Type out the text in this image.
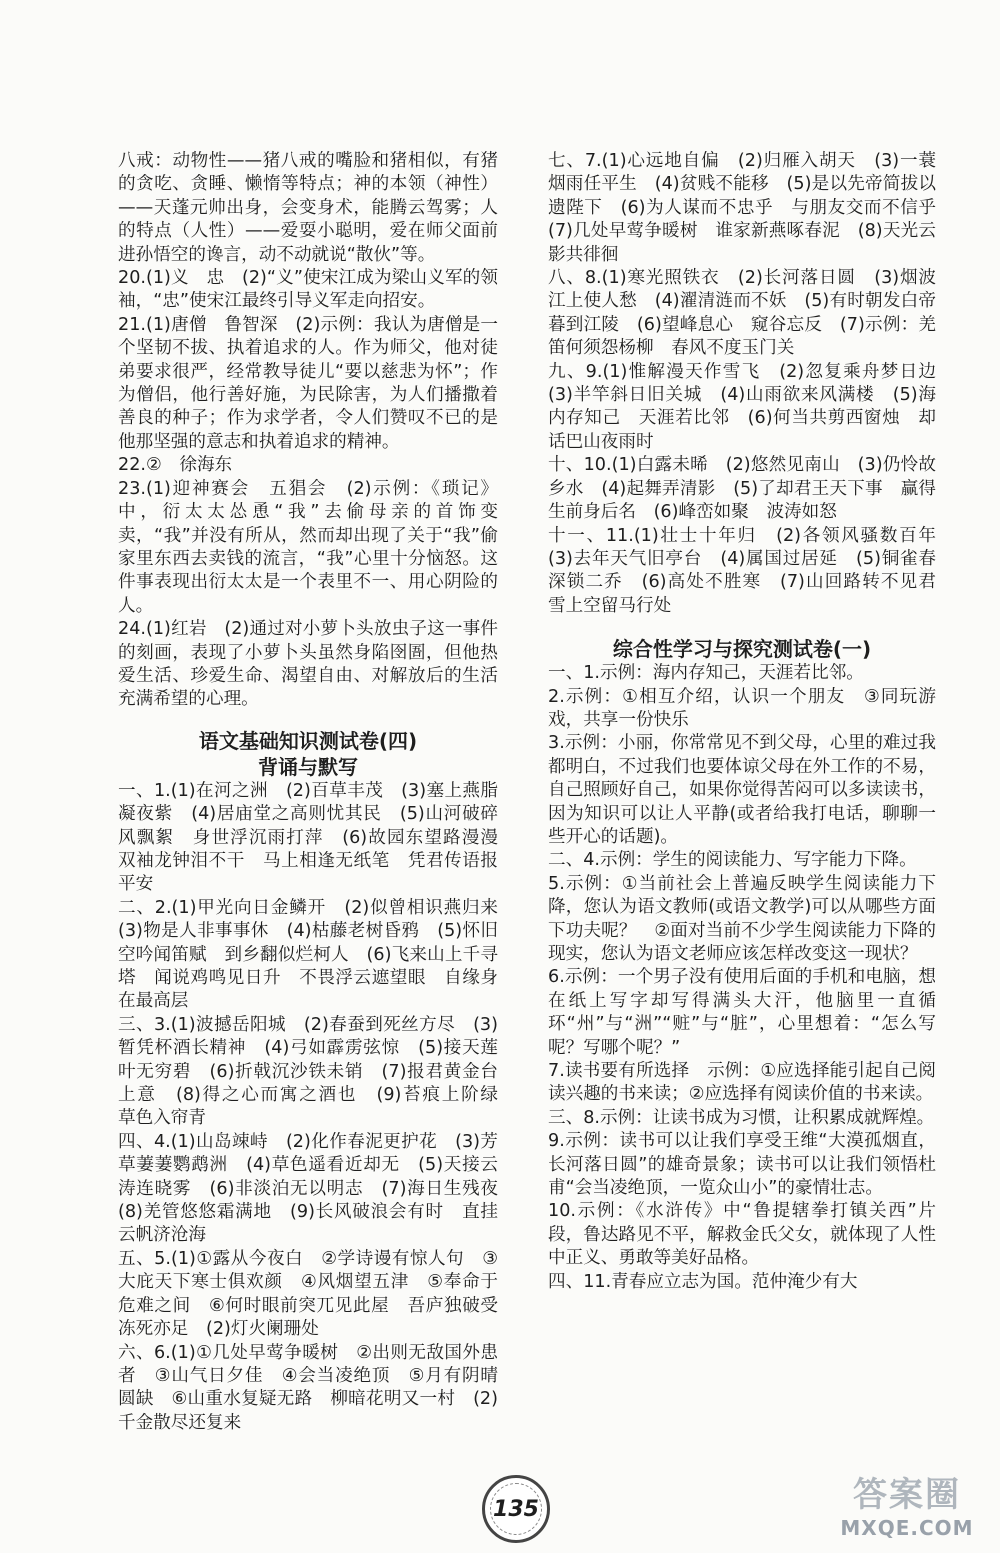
八戒：动物性——猪八戒的嘴脸和猪相似，有猪的贪吃、贪睡、懒惰等特点；神的本领（神性）——天蓬元帅出身，会变身术，能腾云驾雾；人的特点（人性）——爱耍小聪明，爱在师父面前进孙悟空的谗言，动不动就说“散伙”等。

20.(1)义　忠　(2)“义”使宋江成为梁山义军的领袖，“忠”使宋江最终引导义军走向招安。

21.(1)唐僧　鲁智深　(2)示例：我认为唐僧是一个坚韧不拔、执着追求的人。作为师父，他对徒弟要求很严，经常教导徒儿“要以慈悲为怀”；作为僧侣，他行善好施，为民除害，为人们播撒着善良的种子；作为求学者，令人们赞叹不已的是他那坚强的意志和执着追求的精神。

22.②　徐海东

23.(1)迎神赛会　五猖会　(2)示例：《琐记》中，衍太太怂恿“我”去偷母亲的首饰变卖，“我”并没有所从，然而却出现了关于“我”偷家里东西去卖钱的流言，“我”心里十分恼怒。这件事表现出衍太太是一个表里不一、用心阴险的人。

24.(1)红岩　(2)通过对小萝卜头放虫子这一事件的刻画，表现了小萝卜头虽然身陷囹圄，但他热爱生活、珍爱生命、渴望自由、对解放后的生活充满希望的心理。

语文基础知识测试卷(四)

背诵与默写

一、1.(1)在河之洲　(2)百草丰茂　(3)塞上燕脂凝夜紫　(4)居庙堂之高则忧其民　(5)山河破碎风飘絮　身世浮沉雨打萍　(6)故园东望路漫漫　双袖龙钟泪不干　马上相逢无纸笔　凭君传语报平安

二、2.(1)甲光向日金鳞开　(2)似曾相识燕归来　(3)物是人非事事休　(4)枯藤老树昏鸦　(5)怀旧空吟闻笛赋　到乡翻似烂柯人　(6)飞来山上千寻塔　闻说鸡鸣见日升　不畏浮云遮望眼　自缘身在最高层

三、3.(1)波撼岳阳城　(2)春蚕到死丝方尽　(3)暂凭杯酒长精神　(4)弓如霹雳弦惊　(5)接天莲叶无穷碧　(6)折戟沉沙铁未销　(7)报君黄金台上意　(8)得之心而寓之酒也　(9)苔痕上阶绿　草色入帘青

四、4.(1)山岛竦峙　(2)化作春泥更护花　(3)芳草萋萋鹦鹉洲　(4)草色遥看近却无　(5)天接云涛连晓雾　(6)非淡泊无以明志　(7)海日生残夜　(8)羌管悠悠霜满地　(9)长风破浪会有时　直挂云帆济沧海

五、5.(1)①露从今夜白　②学诗谩有惊人句　③大庇天下寒士俱欢颜　④风烟望五津　⑤奉命于危难之间　⑥何时眼前突兀见此屋　吾庐独破受冻死亦足　(2)灯火阑珊处

六、6.(1)①几处早莺争暖树　②出则无敌国外患者　③山气日夕佳　④会当凌绝顶　⑤月有阴晴圆缺　⑥山重水复疑无路　柳暗花明又一村　(2)千金散尽还复来

七、7.(1)心远地自偏　(2)归雁入胡天　(3)一蓑烟雨任平生　(4)贫贱不能移　(5)是以先帝简拔以遗陛下　(6)为人谋而不忠乎　与朋友交而不信乎　(7)几处早莺争暖树　谁家新燕啄春泥　(8)天光云影共徘徊

八、8.(1)寒光照铁衣　(2)长河落日圆　(3)烟波江上使人愁　(4)濯清涟而不妖　(5)有时朝发白帝　暮到江陵　(6)望峰息心　窥谷忘反　(7)示例：羌笛何须怨杨柳　春风不度玉门关

九、9.(1)惟解漫天作雪飞　(2)忽复乘舟梦日边　(3)半竿斜日旧关城　(4)山雨欲来风满楼　(5)海内存知己　天涯若比邻　(6)何当共剪西窗烛　却话巴山夜雨时

十、10.(1)白露未晞　(2)悠然见南山　(3)仍怜故乡水　(4)起舞弄清影　(5)了却君王天下事　赢得生前身后名　(6)峰峦如聚　波涛如怒

十一、11.(1)壮士十年归　(2)各领风骚数百年　(3)去年天气旧亭台　(4)属国过居延　(5)铜雀春深锁二乔　(6)高处不胜寒　(7)山回路转不见君　雪上空留马行处

综合性学习与探究测试卷(一)

一、1.示例：海内存知己，天涯若比邻。

2.示例：①相互介绍，认识一个朋友　③同玩游戏，共享一份快乐

3.示例：小丽，你常常见不到父母，心里的难过我都明白，不过我们也要体谅父母在外工作的不易，自己照顾好自己，如果你觉得苦闷可以多读读书，因为知识可以让人平静(或者给我打电话，聊聊一些开心的话题)。

二、4.示例：学生的阅读能力、写字能力下降。

5.示例：①当前社会上普遍反映学生阅读能力下降，您认为语文教师(或语文教学)可以从哪些方面下功夫呢？　②面对当前不少学生阅读能力下降的现实，您认为语文老师应该怎样改变这一现状？

6.示例：一个男子没有使用后面的手机和电脑，想在纸上写字却写得满头大汗，他脑里一直循环“州”与“洲”“赃”与“脏”，心里想着：“怎么写呢？写哪个呢？”

7.读书要有所选择　示例：①应选择能引起自己阅读兴趣的书来读；②应选择有阅读价值的书来读。

三、8.示例：让读书成为习惯，让积累成就辉煌。

9.示例：读书可以让我们享受王维“大漠孤烟直，长河落日圆”的雄奇景象；读书可以让我们领悟杜甫“会当凌绝顶，一览众山小”的豪情壮志。

10.示例：《水浒传》中“鲁提辖拳打镇关西”片段，鲁达路见不平，解救金氏父女，就体现了人性中正义、勇敢等美好品格。

四、11.青春应立志为国。范仲淹少有大

135	答案圈
MXQE.COM
